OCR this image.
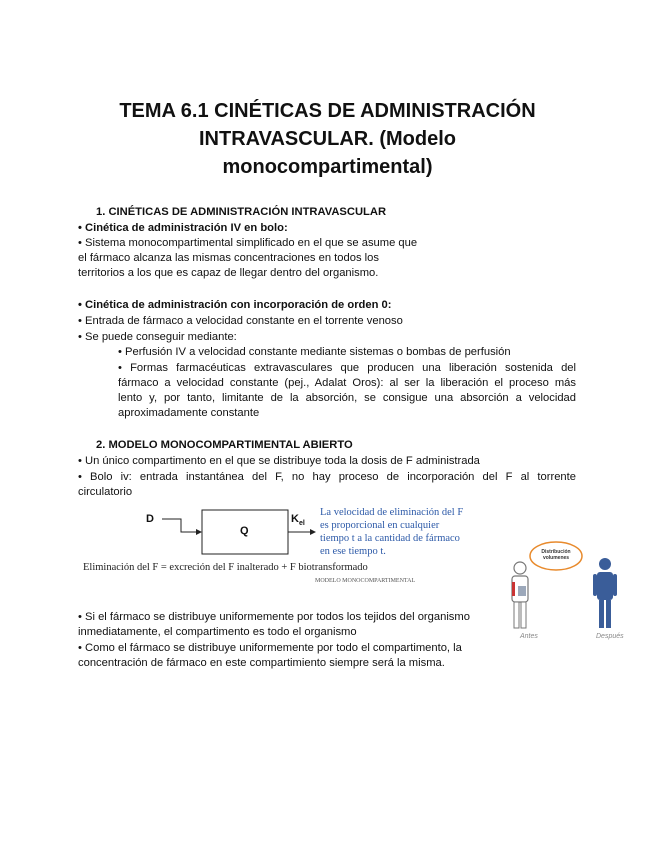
TEMA 6.1 CINÉTICAS DE ADMINISTRACIÓN
INTRAVASCULAR. (Modelo
monocompartimental)
1. CINÉTICAS DE ADMINISTRACIÓN INTRAVASCULAR
• Cinética de administración IV en bolo:
• Sistema monocompartimental simplificado en el que se asume que
el fármaco alcanza las mismas concentraciones en todos los
territorios a los que es capaz de llegar dentro del organismo.
• Cinética de administración con incorporación de orden 0:
• Entrada de fármaco a velocidad constante en el torrente venoso
• Se puede conseguir mediante:
• Perfusión IV a velocidad constante mediante sistemas o bombas de perfusión
• Formas farmacéuticas extravasculares que producen una liberación sostenida del
fármaco a velocidad constante (pej., Adalat Oros): al ser la liberación el proceso más
lento y, por tanto, limitante de la absorción, se consigue una absorción a velocidad
aproximadamente constante
2. MODELO MONOCOMPARTIMENTAL ABIERTO
• Un único compartimento en el que se distribuye toda la dosis de F administrada
• Bolo iv: entrada instantánea del F, no hay proceso de incorporación del F al torrente
circulatorio
D
Q
$K_{el}$
La velocidad de eliminación del F
es proporcional en cualquier
tiempo t a la cantidad de fármaco
en ese tiempo t.
Eliminación del F = excreción del F inalterado + F biotransformado
MODELO MONOCOMPARTIMENTAL
Distribución
volumenes
Antes	Después
• Si el fármaco se distribuye uniformemente por todos los tejidos del organismo
inmediatamente, el compartimento es todo el organismo
• Como el fármaco se distribuye uniformemente por todo el compartimento, la
concentración de fármaco en este compartimiento siempre será la misma.
